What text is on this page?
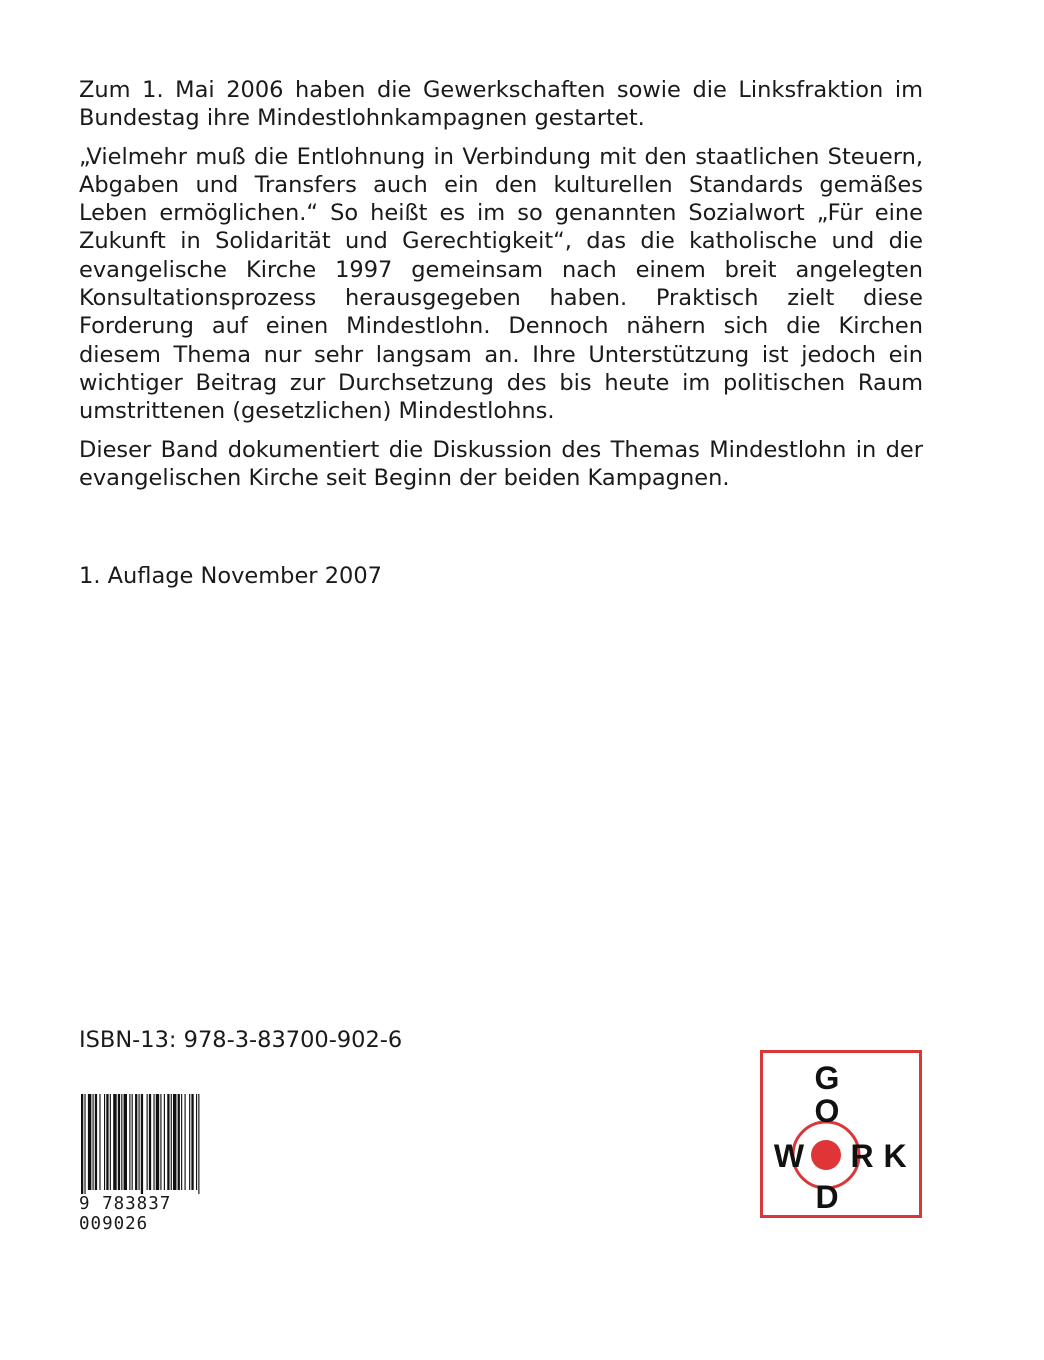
Zum 1. Mai 2006 haben die Gewerkschaften sowie die Linksfraktion im Bundestag ihre Mindestlohnkampagnen gestartet.

„Vielmehr muß die Entlohnung in Verbindung mit den staatlichen Steuern, Abgaben und Transfers auch ein den kulturellen Standards gemäßes Leben ermöglichen.“ So heißt es im so genannten Sozialwort „Für eine Zukunft in Solidarität und Gerechtigkeit“, das die katholische und die evangelische Kirche 1997 gemeinsam nach einem breit angelegten Konsultationsprozess herausgegeben haben. Praktisch zielt diese Forderung auf einen Mindestlohn. Dennoch nähern sich die Kirchen diesem Thema nur sehr langsam an. Ihre Unterstützung ist jedoch ein wichtiger Beitrag zur Durchsetzung des bis heute im politischen Raum umstrittenen (gesetzlichen) Mindestlohns.

Dieser Band dokumentiert die Diskussion des Themas Mindestlohn in der evangelischen Kirche seit Beginn der beiden Kampagnen.

1. Auflage November 2007
ISBN-13: 978-3-83700-902-6
9 783837 009026
G
O
W R K
D
